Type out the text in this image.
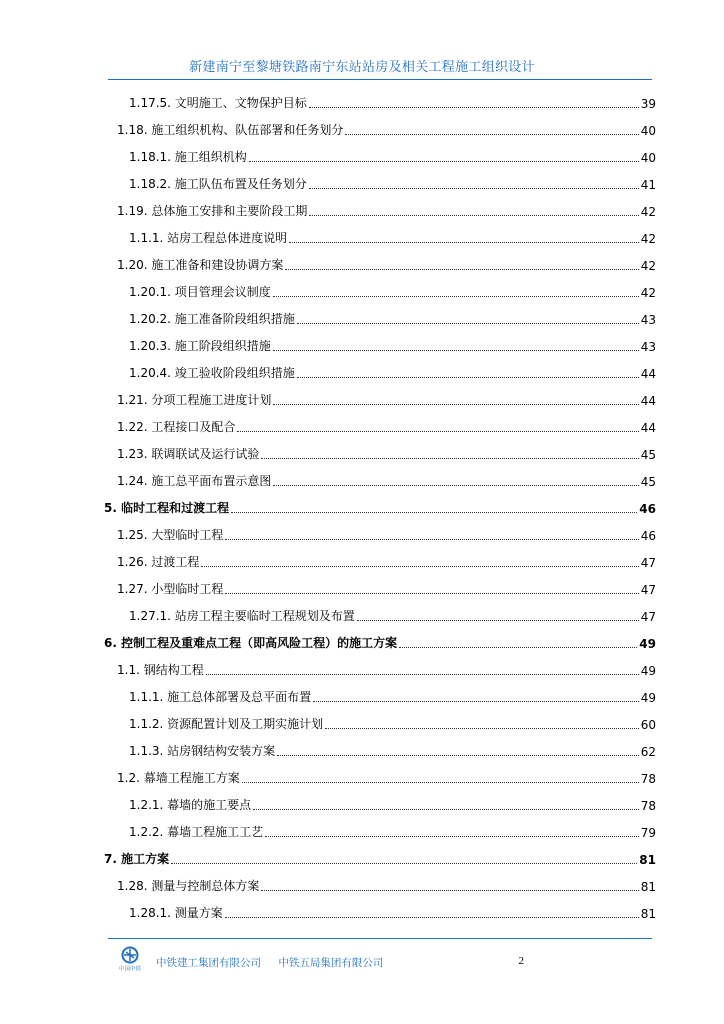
新建南宁至黎塘铁路南宁东站站房及相关工程施工组织设计
1.17.5. 文明施工、文物保护目标	39
1.18. 施工组织机构、队伍部署和任务划分	40
1.18.1. 施工组织机构	40
1.18.2. 施工队伍布置及任务划分	41
1.19. 总体施工安排和主要阶段工期	42
1.1.1. 站房工程总体进度说明	42
1.20. 施工准备和建设协调方案	42
1.20.1. 项目管理会议制度	42
1.20.2. 施工准备阶段组织措施	43
1.20.3. 施工阶段组织措施	43
1.20.4. 竣工验收阶段组织措施	44
1.21. 分项工程施工进度计划	44
1.22. 工程接口及配合	44
1.23. 联调联试及运行试验	45
1.24. 施工总平面布置示意图	45
5. 临时工程和过渡工程	46
1.25. 大型临时工程	46
1.26. 过渡工程	47
1.27. 小型临时工程	47
1.27.1. 站房工程主要临时工程规划及布置	47
6. 控制工程及重难点工程（即高风险工程）的施工方案	49
1.1. 钢结构工程	49
1.1.1. 施工总体部署及总平面布置	49
1.1.2. 资源配置计划及工期实施计划	60
1.1.3. 站房钢结构安装方案	62
1.2. 幕墙工程施工方案	78
1.2.1. 幕墙的施工要点	78
1.2.2. 幕墙工程施工工艺	79
7. 施工方案	81
1.28. 测量与控制总体方案	81
1.28.1. 测量方案	81
中国中铁
中铁建工集团有限公司 中铁五局集团有限公司	2
